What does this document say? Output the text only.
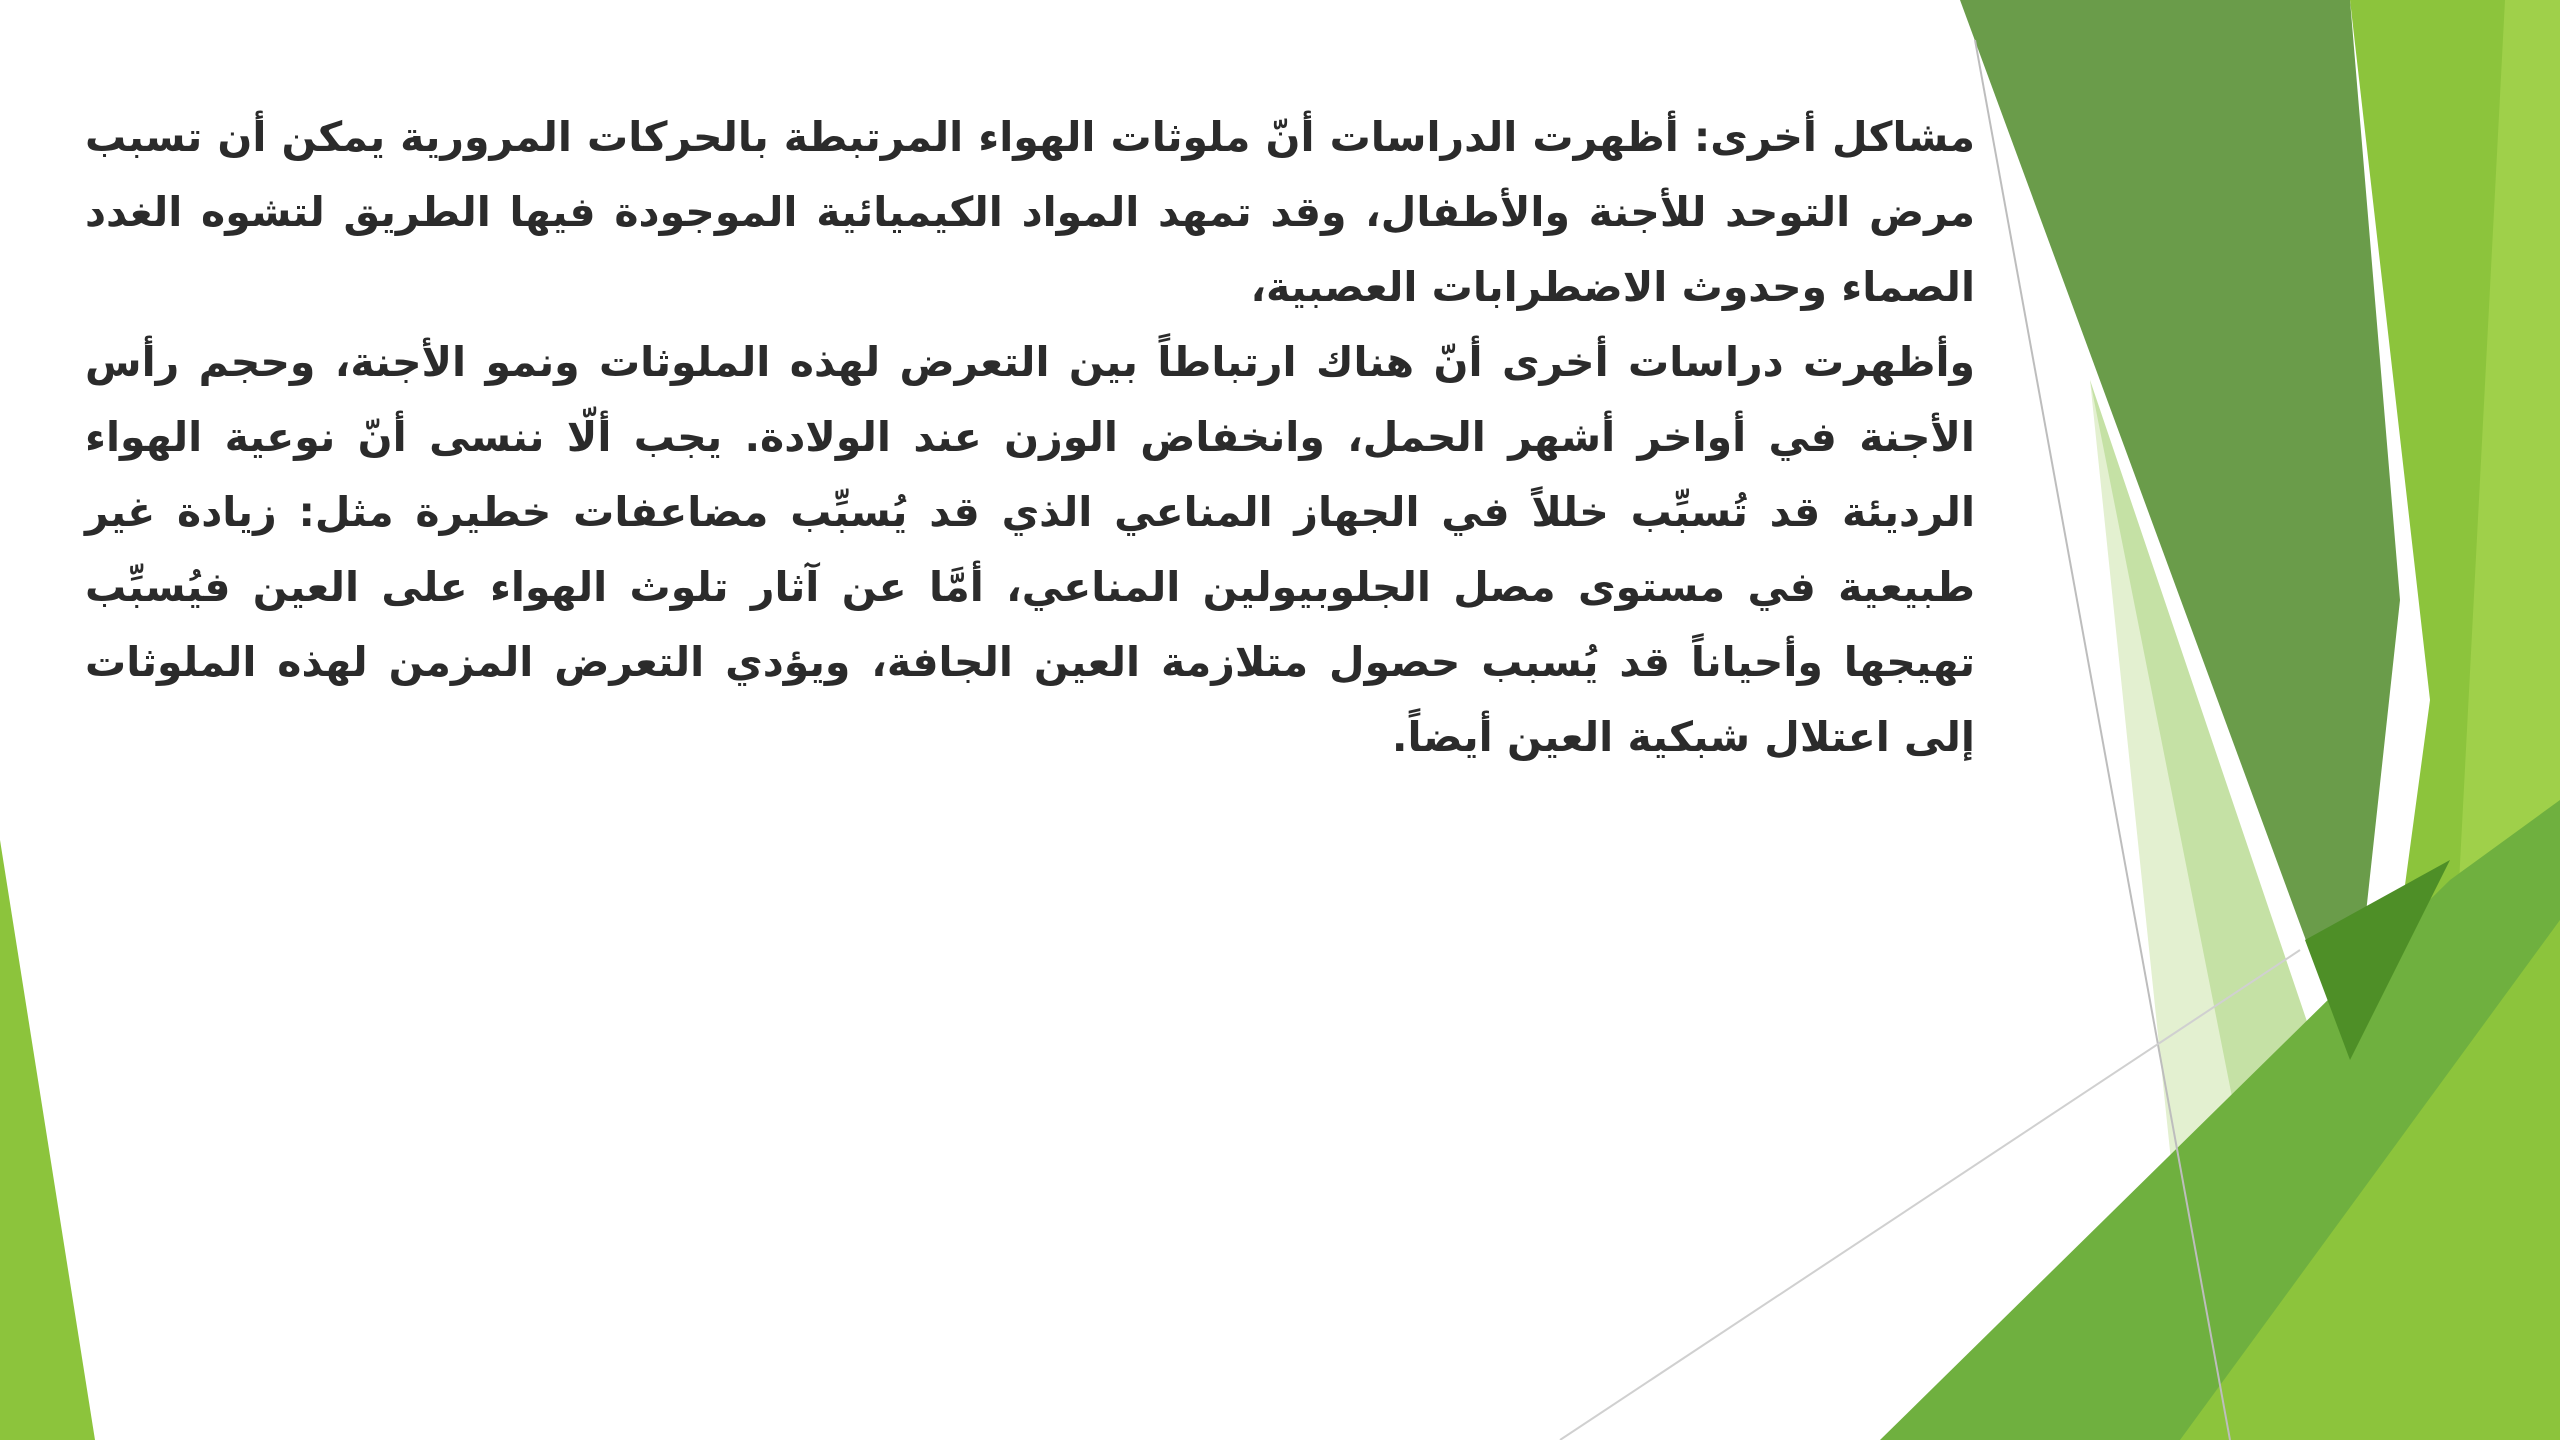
مشاكل أخرى: أظهرت الدراسات أنّ ملوثات الهواء المرتبطة بالحركات المرورية يمكن أن تسبب مرض التوحد للأجنة والأطفال، وقد تمهد المواد الكيميائية الموجودة فيها الطريق لتشوه الغدد الصماء وحدوث الاضطرابات العصبية،

وأظهرت دراسات أخرى أنّ هناك ارتباطاً بين التعرض لهذه الملوثات ونمو الأجنة، وحجم رأس الأجنة في أواخر أشهر الحمل، وانخفاض الوزن عند الولادة. يجب ألّا ننسى أنّ نوعية الهواء الرديئة قد تُسبِّب خللاً في الجهاز المناعي الذي قد يُسبِّب مضاعفات خطيرة مثل: زيادة غير طبيعية في مستوى مصل الجلوبيولين المناعي، أمَّا عن آثار تلوث الهواء على العين فيُسبِّب تهيجها وأحياناً قد يُسبب حصول متلازمة العين الجافة، ويؤدي التعرض المزمن لهذه الملوثات إلى اعتلال شبكية العين أيضاً.
